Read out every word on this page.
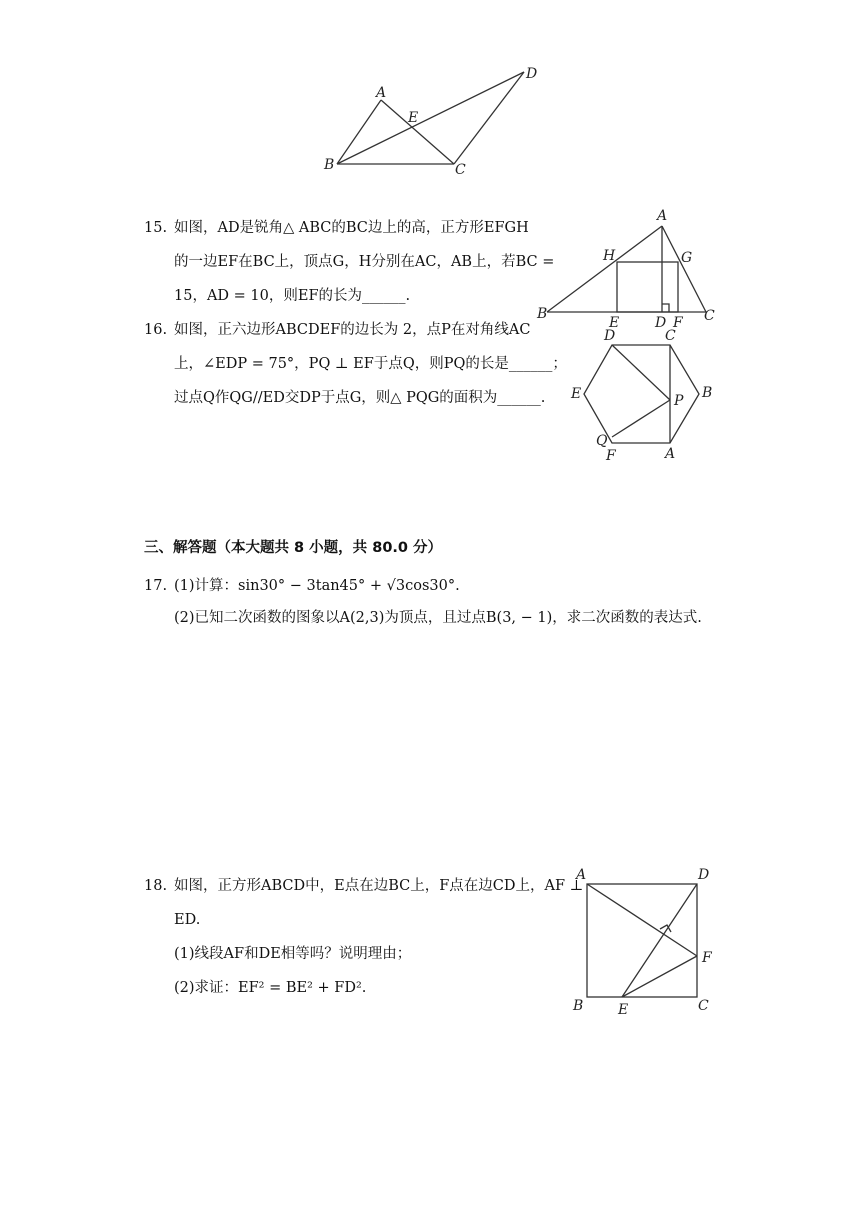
A
B	C
D
E
A
B	C
D
E	F
G
H
D	C
B
A
F
E	P
Q
A	D
B	C
E
F
15. 如图，AD是锐角△ ABC的BC边上的高，正方形EFGH
的一边EF在BC上，顶点G，H分别在AC，AB上，若BC =
15，AD = 10，则EF的长为______.
16. 如图，正六边形ABCDEF的边长为 2，点P在对角线AC
上，∠EDP = 75°，PQ ⊥ EF于点Q，则PQ的长是______；
过点Q作QG//ED交DP于点G，则△ PQG的面积为______.
三、解答题（本大题共 8 小题，共 80.0 分）
17. (1)计算：sin30° − 3tan45° + √3cos30°.
(2)已知二次函数的图象以A(2,3)为顶点，且过点B(3, − 1)，求二次函数的表达式.
18. 如图，正方形ABCD中，E点在边BC上，F点在边CD上，AF ⊥
ED.
(1)线段AF和DE相等吗？说明理由；
(2)求证：EF² = BE² + FD².
